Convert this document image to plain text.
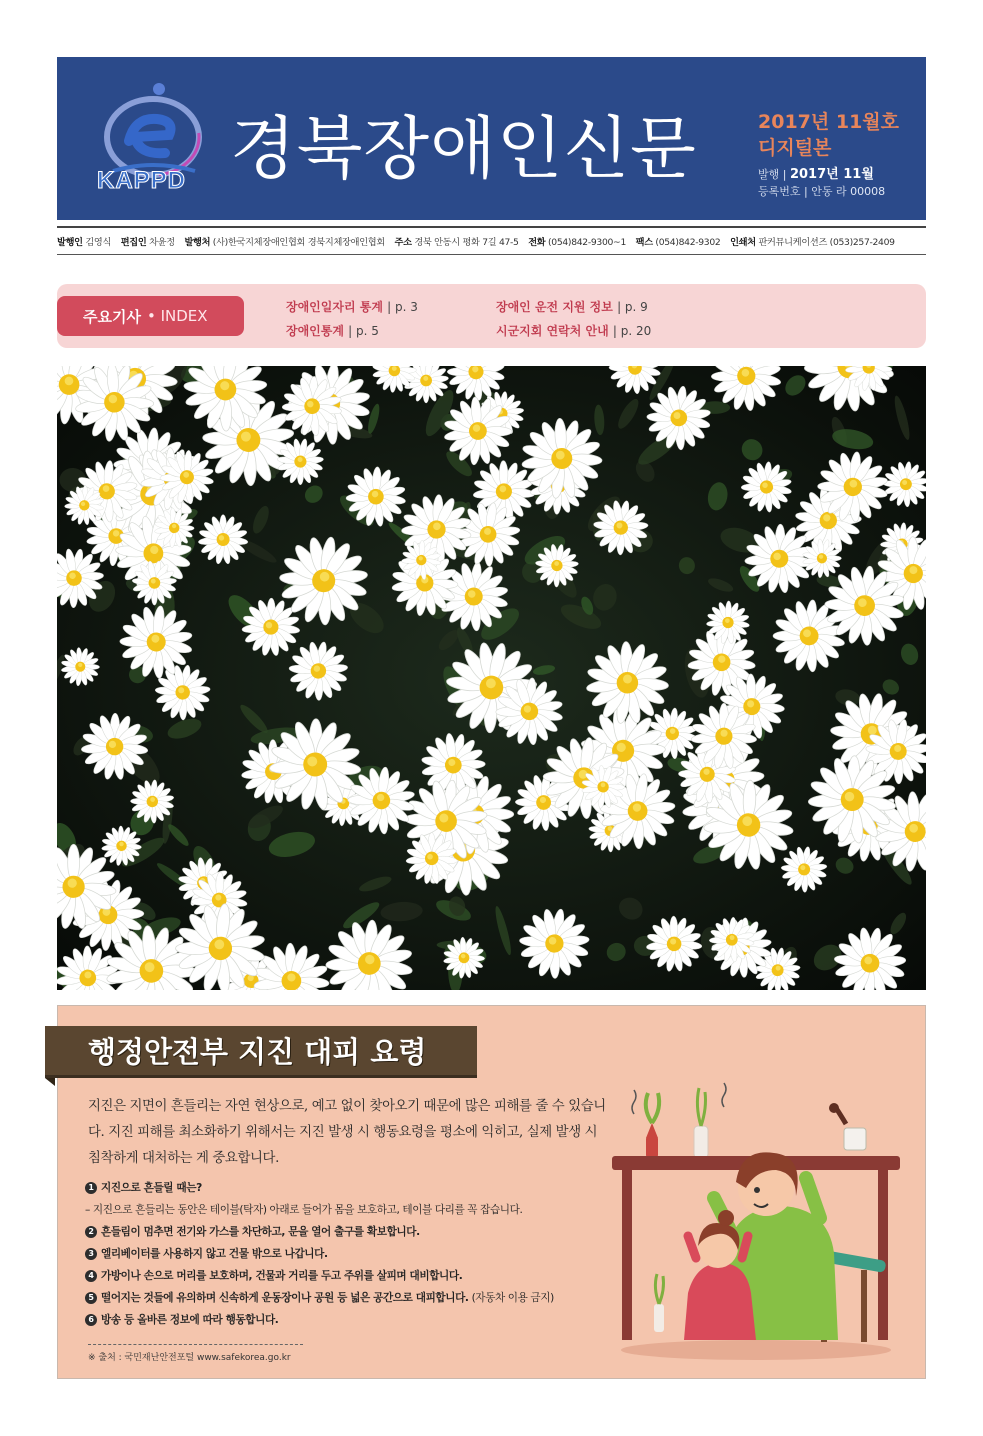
KAPPD 경북장애인신문	2017년 11월호
디지털본
발행 | 2017년 11월
등록번호 | 안동 라 00008
발행인 김영식 편집인 차윤정 발행처 (사)한국지체장애인협회 경북지체장애인협회 주소 경북 안동시 평화 7길 47-5 전화 (054)842-9300~1 팩스 (054)842-9302 인쇄처 판커뮤니케이션즈 (053)257-2409
주요기사 • INDEX	장애인일자리 통계 | p. 3
장애인통계 | p. 5
장애인 운전 지원 정보 | p. 9
시군지회 연락처 안내 | p. 20
행정안전부 지진 대피 요령
지진은 지면이 흔들리는 자연 현상으로, 예고 없이 찾아오기 때문에 많은 피해를 줄 수 있습니다. 지진 피해를 최소화하기 위해서는 지진 발생 시 행동요령을 평소에 익히고, 실제 발생 시 침착하게 대처하는 게 중요합니다.
1 지진으로 흔들릴 때는?
– 지진으로 흔들리는 동안은 테이블(탁자) 아래로 들어가 몸을 보호하고, 테이블 다리를 꼭 잡습니다.
2 흔들림이 멈추면 전기와 가스를 차단하고, 문을 열어 출구를 확보합니다.
3 엘리베이터를 사용하지 않고 건물 밖으로 나갑니다.
4 가방이나 손으로 머리를 보호하며, 건물과 거리를 두고 주위를 살피며 대비합니다.
5 떨어지는 것들에 유의하며 신속하게 운동장이나 공원 등 넓은 공간으로 대피합니다. (자동차 이용 금지)
6 방송 등 올바른 정보에 따라 행동합니다.
※ 출처 : 국민재난안전포털 www.safekorea.go.kr
